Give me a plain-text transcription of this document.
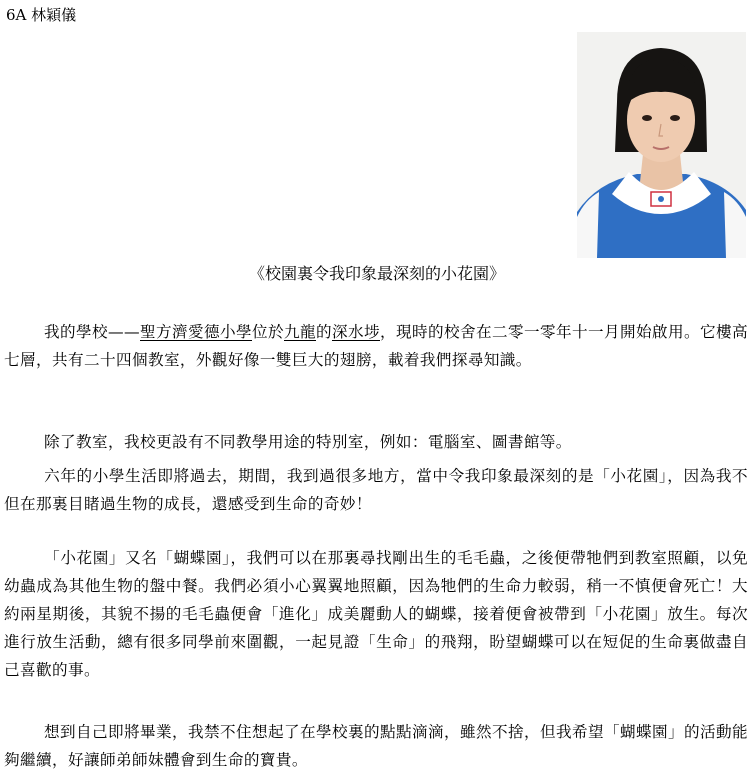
6A 林穎儀
《校園裏令我印象最深刻的小花園》

我的學校——聖方濟愛德小學位於九龍的深水埗，現時的校舍在二零一零年十一月開始啟用。它樓高七層，共有二十四個教室，外觀好像一雙巨大的翅膀，載着我們探尋知識。

除了教室，我校更設有不同教學用途的特別室，例如：電腦室、圖書館等。

六年的小學生活即將過去，期間，我到過很多地方，當中令我印象最深刻的是「小花園」，因為我不但在那裏目睹過生物的成長，還感受到生命的奇妙！

「小花園」又名「蝴蝶園」，我們可以在那裏尋找剛出生的毛毛蟲，之後便帶牠們到教室照顧，以免幼蟲成為其他生物的盤中餐。我們必須小心翼翼地照顧，因為牠們的生命力較弱，稍一不慎便會死亡！大約兩星期後，其貌不揚的毛毛蟲便會「進化」成美麗動人的蝴蝶，接着便會被帶到「小花園」放生。每次進行放生活動，總有很多同學前來圍觀，一起見證「生命」的飛翔，盼望蝴蝶可以在短促的生命裏做盡自己喜歡的事。

想到自己即將畢業，我禁不住想起了在學校裏的點點滴滴，雖然不捨，但我希望「蝴蝶園」的活動能夠繼續，好讓師弟師妹體會到生命的寶貴。
